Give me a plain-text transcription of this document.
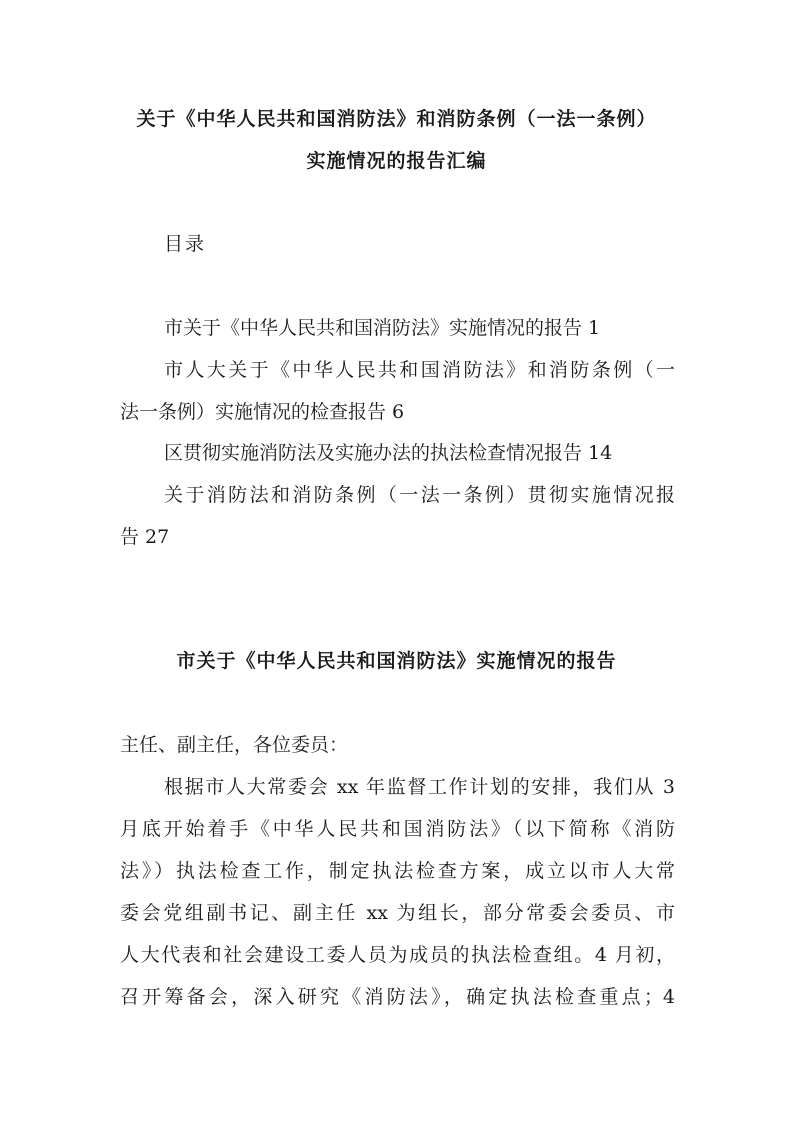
关于《中华人民共和国消防法》和消防条例（一法一条例）
实施情况的报告汇编
目录
市关于《中华人民共和国消防法》实施情况的报告 1
市人大关于《中华人民共和国消防法》和消防条例（一
法一条例）实施情况的检查报告 6
区贯彻实施消防法及实施办法的执法检查情况报告 14
关于消防法和消防条例（一法一条例）贯彻实施情况报
告 27
市关于《中华人民共和国消防法》实施情况的报告
主任、副主任，各位委员：
根据市人大常委会 xx 年监督工作计划的安排，我们从 3
月底开始着手《中华人民共和国消防法》（以下简称《消防
法》）执法检查工作，制定执法检查方案，成立以市人大常
委会党组副书记、副主任 xx 为组长，部分常委会委员、市
人大代表和社会建设工委人员为成员的执法检查组。4 月初，
召开筹备会，深入研究《消防法》，确定执法检查重点；4
